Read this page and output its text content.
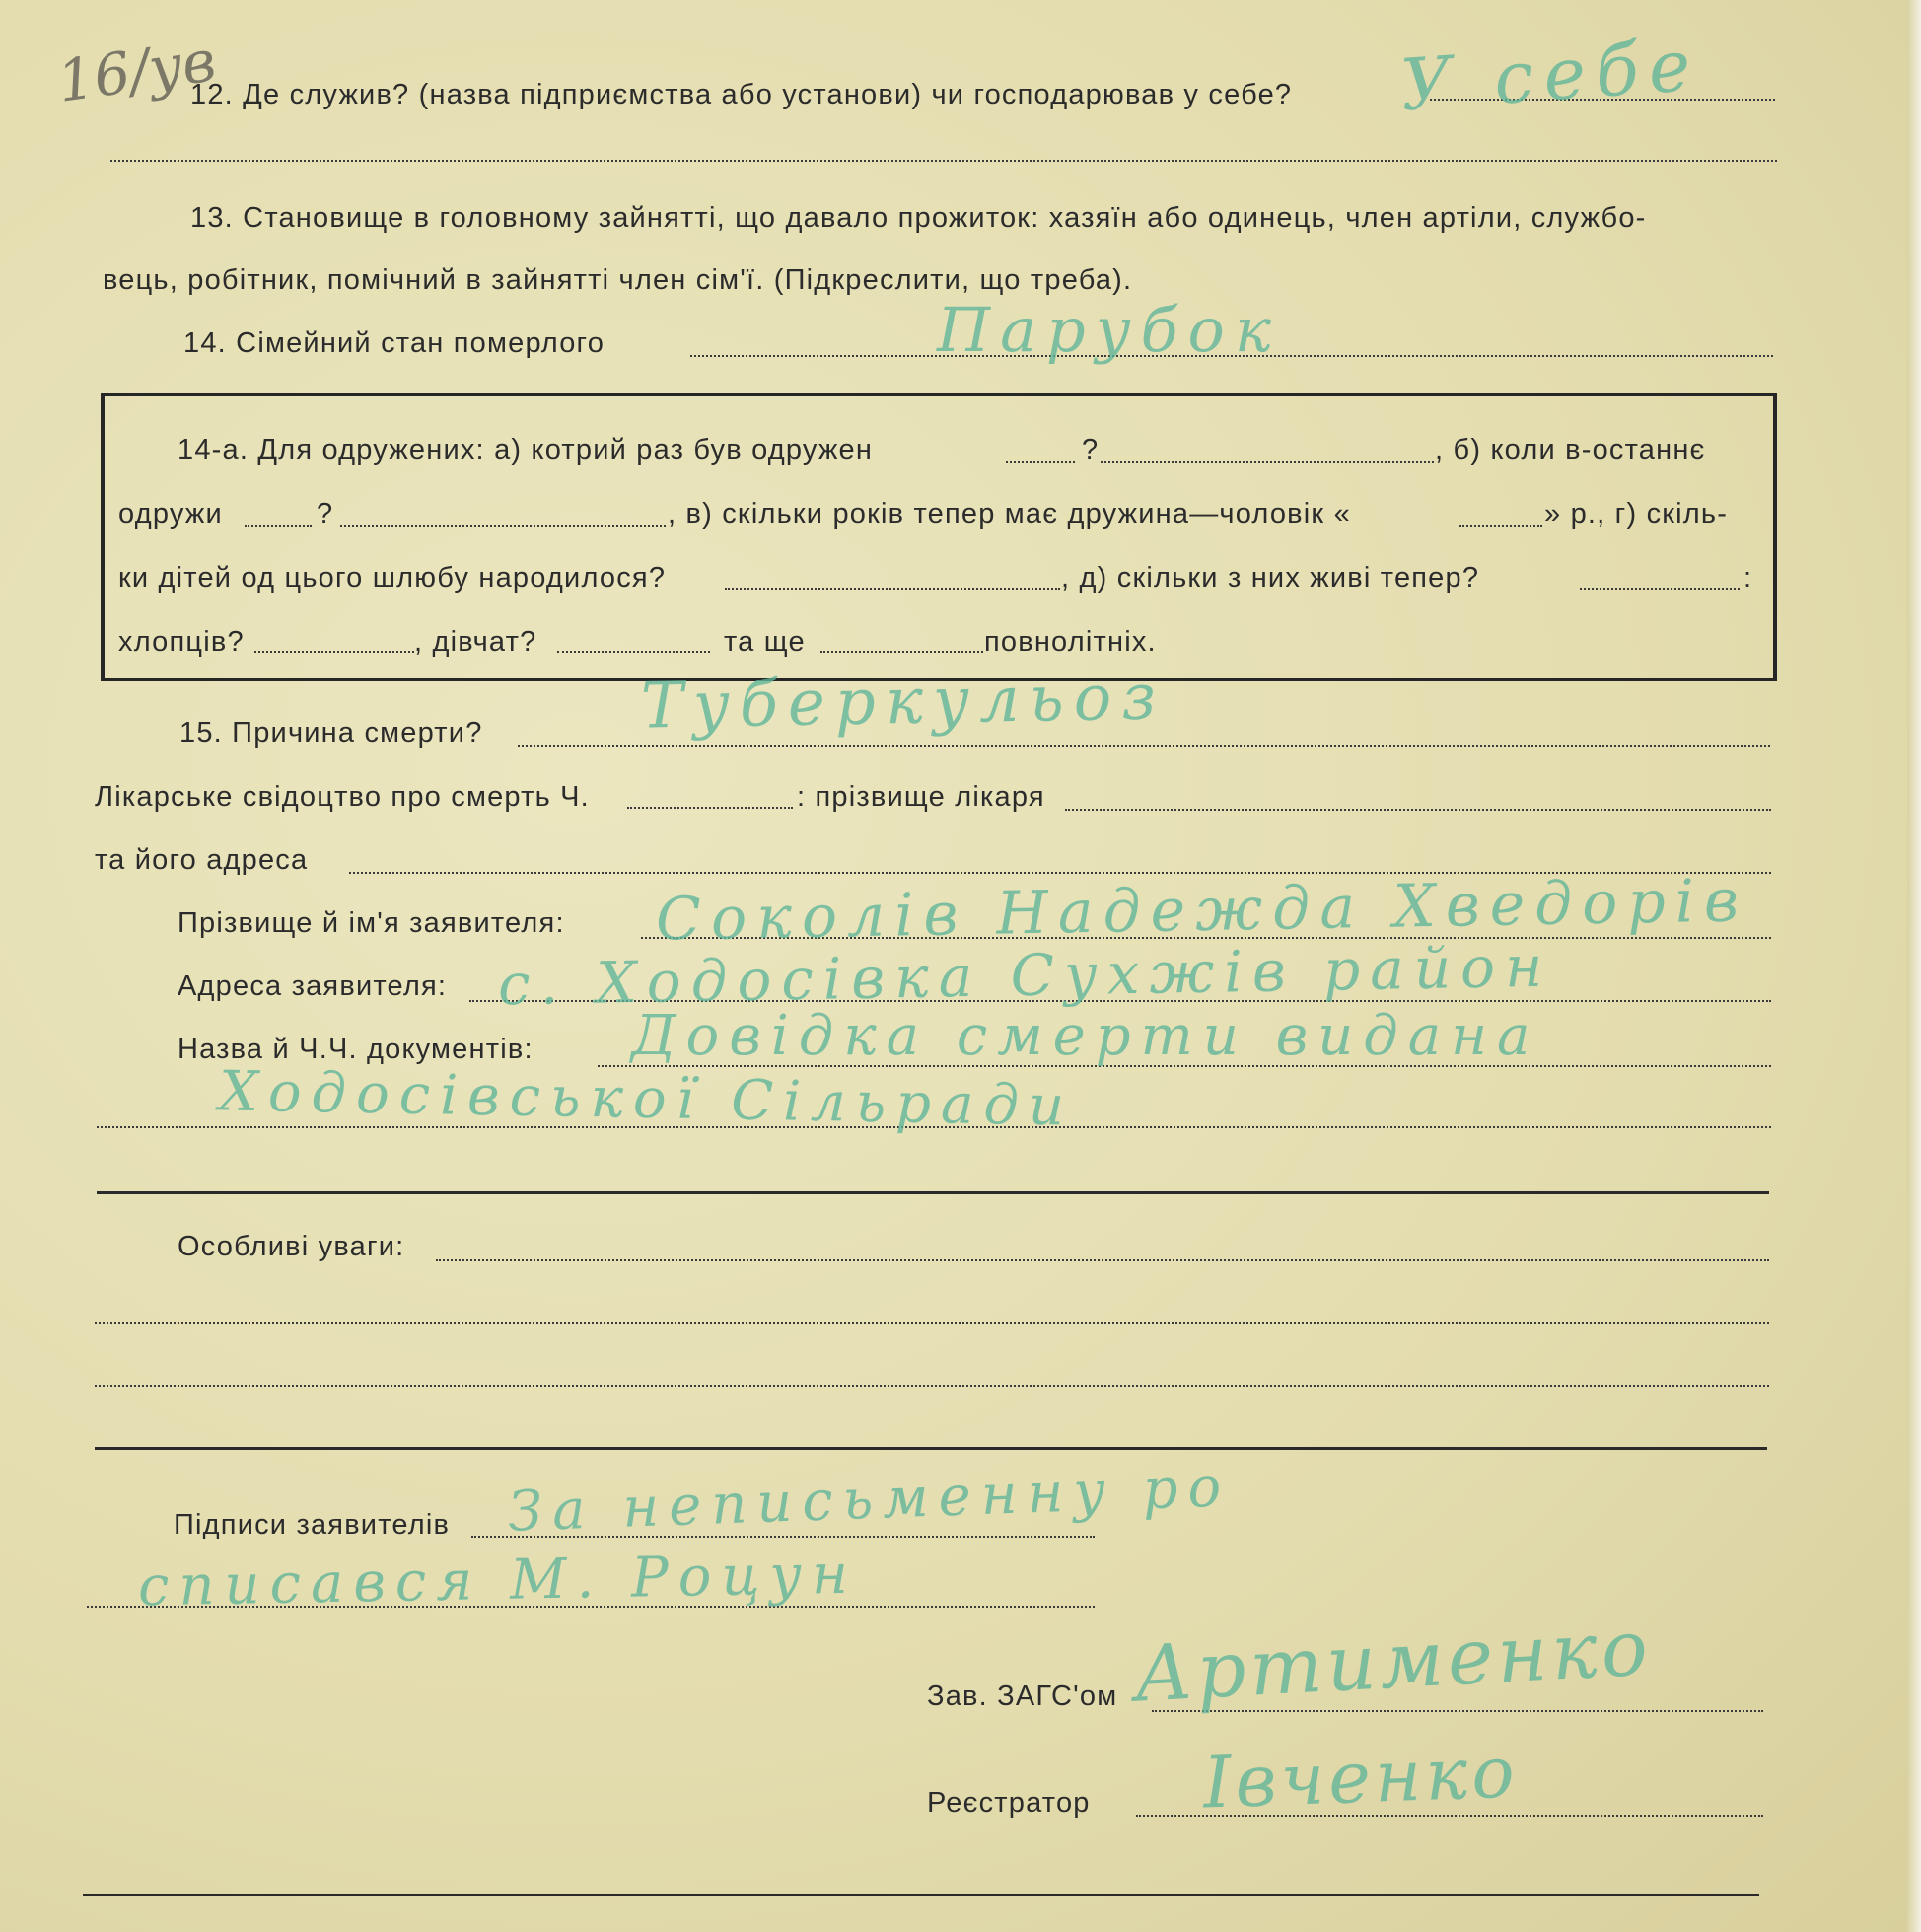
16/ув
12. Де служив? (назва підприємства або установи) чи господарював у себе? У себе
13. Становище в головному зайнятті, що давало прожиток: хазяїн або одинець, член артіли, службо-
вець, робітник, помічний в зайнятті член сім'ї. (Підкреслити, що треба).
14. Сімейний стан померлого	Парубок
14-а. Для одружених: а) котрий раз був одружен	?	, б) коли в-останнє
одружи	?	, в) скільки років тепер має дружина—чоловік «	» р., г) скіль-
ки дітей од цього шлюбу народилося?	, д) скільки з них живі тепер?	:
хлопців?	, дівчат?	та ще	повнолітніх.
15. Причина смерти? Туберкульоз
Лікарське свідоцтво про смерть Ч.	: прізвище лікаря
та його адреса
Прізвище й ім'я заявителя: Соколів Надежда Хведорів
Адреса заявителя: с. Ходосівка Сухжів район
Назва й Ч.Ч. документів: Довідка смерти видана
Ходосівської Сільради
Особливі уваги:
Підписи заявителів За неписьменну ро
списався М. Роцун
Зав. ЗАГС'ом Артименко
Реєстратор Івченко
